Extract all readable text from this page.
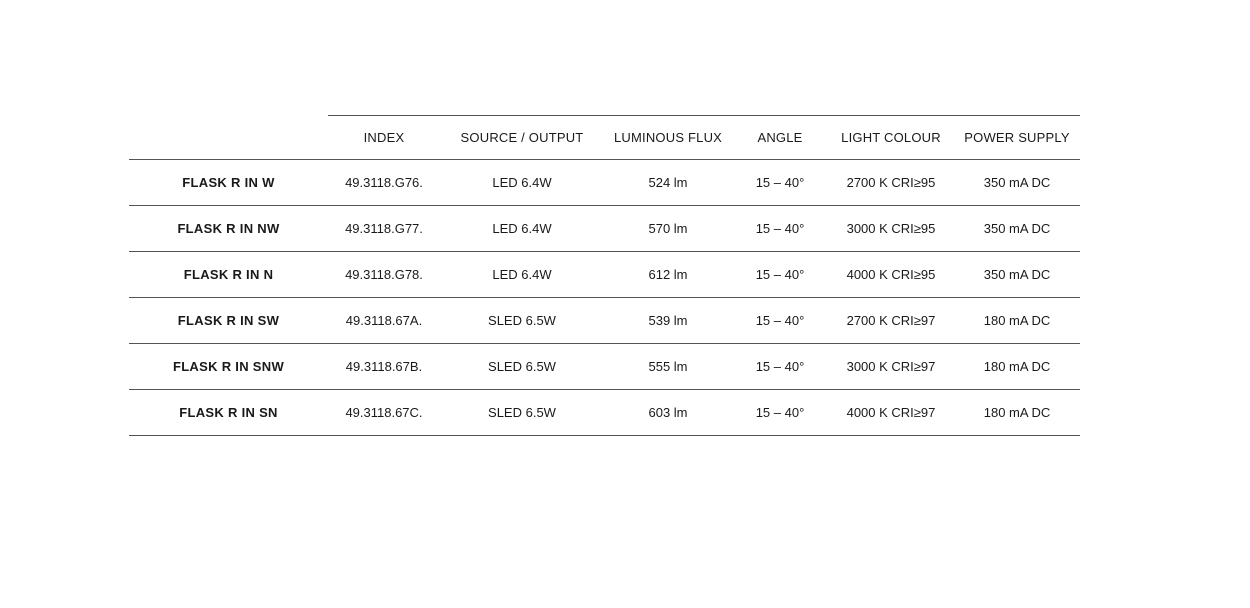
	INDEX	SOURCE / OUTPUT	LUMINOUS FLUX	ANGLE	LIGHT COLOUR	POWER SUPPLY
FLASK R IN W	49.3118.G76.	LED 6.4W	524 lm	15 – 40°	2700 K CRI≥95	350 mA DC
FLASK R IN NW	49.3118.G77.	LED 6.4W	570 lm	15 – 40°	3000 K CRI≥95	350 mA DC
FLASK R IN N	49.3118.G78.	LED 6.4W	612 lm	15 – 40°	4000 K CRI≥95	350 mA DC
FLASK R IN SW	49.3118.67A.	SLED 6.5W	539 lm	15 – 40°	2700 K CRI≥97	180 mA DC
FLASK R IN SNW	49.3118.67B.	SLED 6.5W	555 lm	15 – 40°	3000 K CRI≥97	180 mA DC
FLASK R IN SN	49.3118.67C.	SLED 6.5W	603 lm	15 – 40°	4000 K CRI≥97	180 mA DC
